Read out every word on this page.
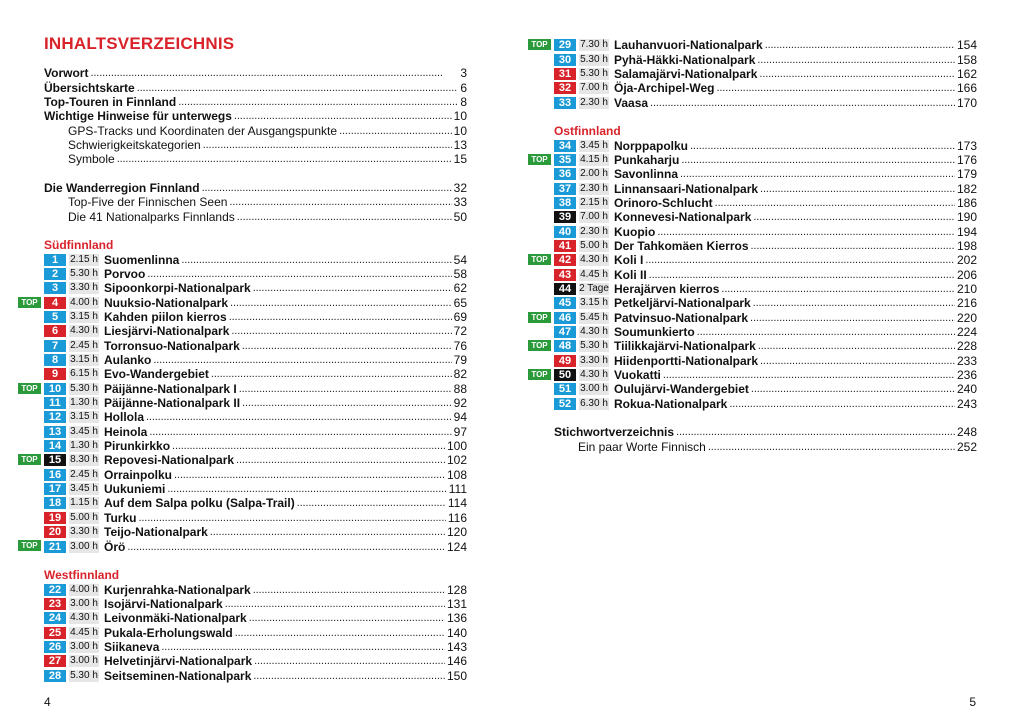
INHALTSVERZEICHNIS
Vorwort . . .	3
Übersichtskarte . . .	6
Top-Touren in Finnland . . .	8
Wichtige Hinweise für unterwegs . . .	10
GPS-Tracks und Koordinaten der Ausgangspunkte . . .	10
Schwierigkeitskategorien . . .	13
Symbole . . .	15
Die Wanderregion Finnland . . .	32
Top-Five der Finnischen Seen . . .	33
Die 41 Nationalparks Finnlands . . .	50
Südfinnland
1	2.15 h Suomenlinna . . .	54
2	5.30 h Porvoo . . .	58
3	3.30 h Sipoonkorpi-Nationalpark . . .	62
TOP	4	4.00 h Nuuksio-Nationalpark . . .	65
5	3.15 h Kahden piilon kierros . . .	69
6	4.30 h Liesjärvi-Nationalpark . . .	72
7	2.45 h Torronsuo-Nationalpark . . .	76
8	3.15 h Aulanko . . .	79
9	6.15 h Evo-Wandergebiet . . .	82
TOP	10 5.30 h Päijänne-Nationalpark I . . .	88
11 1.30 h Päijänne-Nationalpark II . . .	92
12 3.15 h Hollola . . .	94
13 3.45 h Heinola . . .	97
14 1.30 h Pirunkirkko . . .	100
TOP	15 8.30 h Repovesi-Nationalpark . . .	102
16 2.45 h Orrainpolku . . .	108
17 3.45 h Uukuniemi . . .	111
18 1.15 h Auf dem Salpa polku (Salpa-Trail) . . .	114
19 5.00 h Turku . . .	116
20 3.30 h Teijo-Nationalpark . . .	120
TOP	21 3.00 h Örö . . .	124
Westfinnland
22 4.00 h Kurjenrahka-Nationalpark . . .	128
23 3.00 h Isojärvi-Nationalpark . . .	131
24 4.30 h Leivonmäki-Nationalpark . . .	136
25 4.45 h Pukala-Erholungswald . . .	140
26 3.00 h Siikaneva . . .	143
27 3.00 h Helvetinjärvi-Nationalpark . . .	146
28 5.30 h Seitseminen-Nationalpark . . .	150
4
TOP	29 7.30 h Lauhanvuori-Nationalpark . . .	154
30 5.30 h Pyhä-Häkki-Nationalpark . . .	158
31 5.30 h Salamajärvi-Nationalpark . . .	162
32 7.00 h Öja-Archipel-Weg . . .	166
33 2.30 h Vaasa . . .	170
Ostfinnland
34 3.45 h Norppapolku . . .	173
TOP	35 4.15 h Punkaharju . . .	176
36 2.00 h Savonlinna . . .	179
37 2.30 h Linnansaari-Nationalpark . . .	182
38 2.15 h Orinoro-Schlucht . . .	186
39 7.00 h Konnevesi-Nationalpark . . .	190
40 2.30 h Kuopio . . .	194
41 5.00 h Der Tahkomäen Kierros . . .	198
TOP	42 4.30 h Koli I . . .	202
43 4.45 h Koli II . . .	206
44 2 Tage Herajärven kierros . . .	210
45 3.15 h Petkeljärvi-Nationalpark . . .	216
TOP	46 5.45 h Patvinsuo-Nationalpark . . .	220
47 4.30 h Soumunkierto . . .	224
TOP	48 5.30 h Tiilikkajärvi-Nationalpark . . .	228
49 3.30 h Hiidenportti-Nationalpark . . .	233
TOP	50 4.30 h Vuokatti . . .	236
51 3.00 h Oulujärvi-Wandergebiet . . .	240
52 6.30 h Rokua-Nationalpark . . .	243
Stichwortverzeichnis . . .	248
Ein paar Worte Finnisch . . .	252
5
